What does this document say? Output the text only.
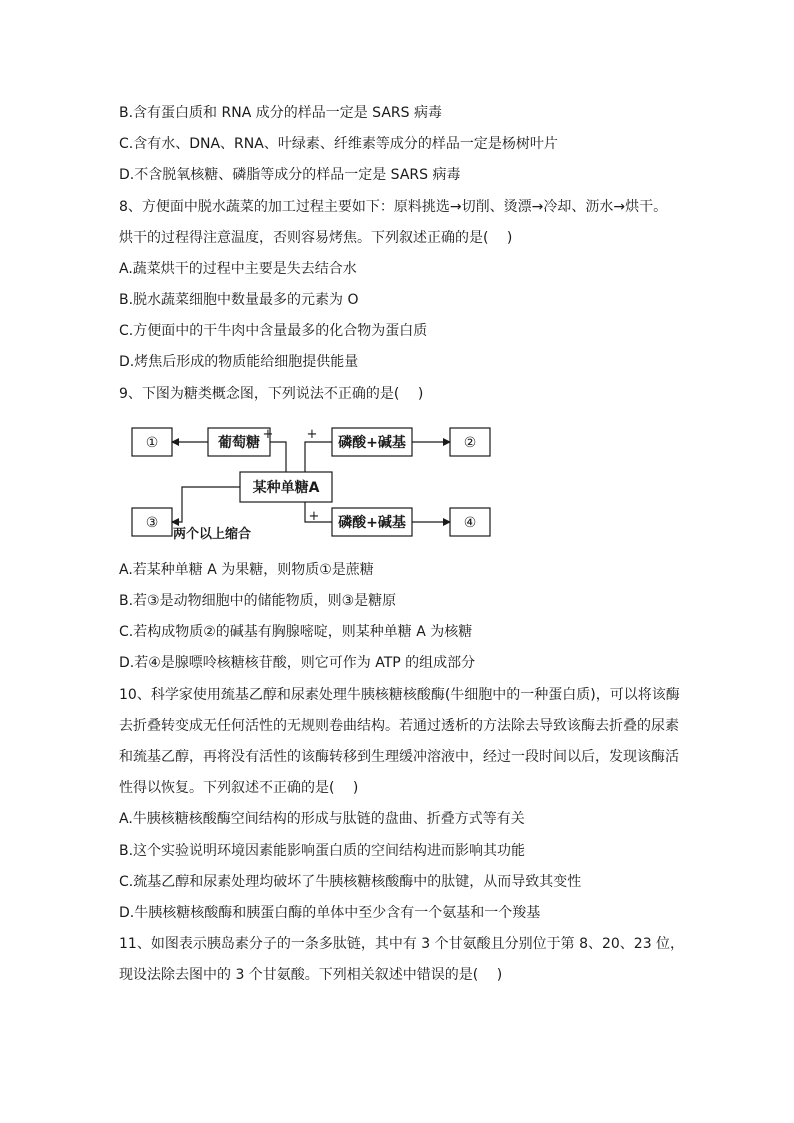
B.含有蛋白质和 RNA 成分的样品一定是 SARS 病毒
C.含有水、DNA、RNA、叶绿素、纤维素等成分的样品一定是杨树叶片
D.不含脱氧核糖、磷脂等成分的样品一定是 SARS 病毒
8、方便面中脱水蔬菜的加工过程主要如下：原料挑选→切削、烫漂→冷却、沥水→烘干。
烘干的过程得注意温度，否则容易烤焦。下列叙述正确的是(　 )
A.蔬菜烘干的过程中主要是失去结合水
B.脱水蔬菜细胞中数量最多的元素为 O
C.方便面中的干牛肉中含量最多的化合物为蛋白质
D.烤焦后形成的物质能给细胞提供能量
9、下图为糖类概念图，下列说法不正确的是(　 )
①	葡萄糖
某种单糖A
磷酸+碱基	②
③	磷酸+碱基	④
+	+
+
两个以上缩合
A.若某种单糖 A 为果糖，则物质①是蔗糖
B.若③是动物细胞中的储能物质，则③是糖原
C.若构成物质②的碱基有胸腺嘧啶，则某种单糖 A 为核糖
D.若④是腺嘌呤核糖核苷酸，则它可作为 ATP 的组成部分
10、科学家使用巯基乙醇和尿素处理牛胰核糖核酸酶(牛细胞中的一种蛋白质)，可以将该酶
去折叠转变成无任何活性的无规则卷曲结构。若通过透析的方法除去导致该酶去折叠的尿素
和巯基乙醇，再将没有活性的该酶转移到生理缓冲溶液中，经过一段时间以后，发现该酶活
性得以恢复。下列叙述不正确的是(　 )
A.牛胰核糖核酸酶空间结构的形成与肽链的盘曲、折叠方式等有关
B.这个实验说明环境因素能影响蛋白质的空间结构进而影响其功能
C.巯基乙醇和尿素处理均破坏了牛胰核糖核酸酶中的肽键，从而导致其变性
D.牛胰核糖核酸酶和胰蛋白酶的单体中至少含有一个氨基和一个羧基
11、如图表示胰岛素分子的一条多肽链，其中有 3 个甘氨酸且分别位于第 8、20、23 位，
现设法除去图中的 3 个甘氨酸。下列相关叙述中错误的是(　 )
